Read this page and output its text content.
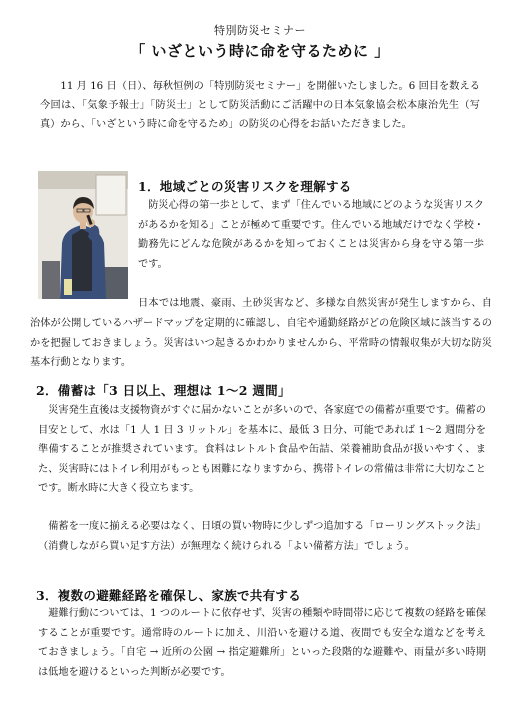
特別防災セミナー
「 いざという時に命を守るために 」
11 月 16 日（日）、毎秋恒例の「特別防災セミナー」を開催いたしました。6 回目を数える今回は、「気象予報士」「防災士」として防災活動にご活躍中の日本気象協会松本康治先生（写真）から、「いざという時に命を守るため」の防災の心得をお話いただきました。
1．地域ごとの災害リスクを理解する
防災心得の第一歩として、まず「住んでいる地域にどのような災害リスクがあるかを知る」ことが極めて重要です。住んでいる地域だけでなく学校・勤務先にどんな危険があるかを知っておくことは災害から身を守る第一歩です。
日本では地震、豪雨、土砂災害など、多様な自然災害が発生しますから、自治体が公開しているハザードマップを定期的に確認し、自宅や通勤経路がどの危険区域に該当するのかを把握しておきましょう。災害はいつ起きるかわかりませんから、平常時の情報収集が大切な防災基本行動となります。
2．備蓄は「3 日以上、理想は 1～2 週間」
災害発生直後は支援物資がすぐに届かないことが多いので、各家庭での備蓄が重要です。備蓄の目安として、水は「1 人 1 日 3 リットル」を基本に、最低 3 日分、可能であれば 1～2 週間分を準備することが推奨されています。食料はレトルト食品や缶詰、栄養補助食品が扱いやすく、また、災害時にはトイレ利用がもっとも困難になりますから、携帯トイレの常備は非常に大切なことです。断水時に大きく役立ちます。
備蓄を一度に揃える必要はなく、日頃の買い物時に少しずつ追加する「ローリングストック法」（消費しながら買い足す方法）が無理なく続けられる「よい備蓄方法」でしょう。
3．複数の避難経路を確保し、家族で共有する
避難行動については、1 つのルートに依存せず、災害の種類や時間帯に応じて複数の経路を確保することが重要です。通常時のルートに加え、川沿いを避ける道、夜間でも安全な道などを考えておきましょう。「自宅 → 近所の公園 → 指定避難所」といった段階的な避難や、雨量が多い時期は低地を避けるといった判断が必要です。
